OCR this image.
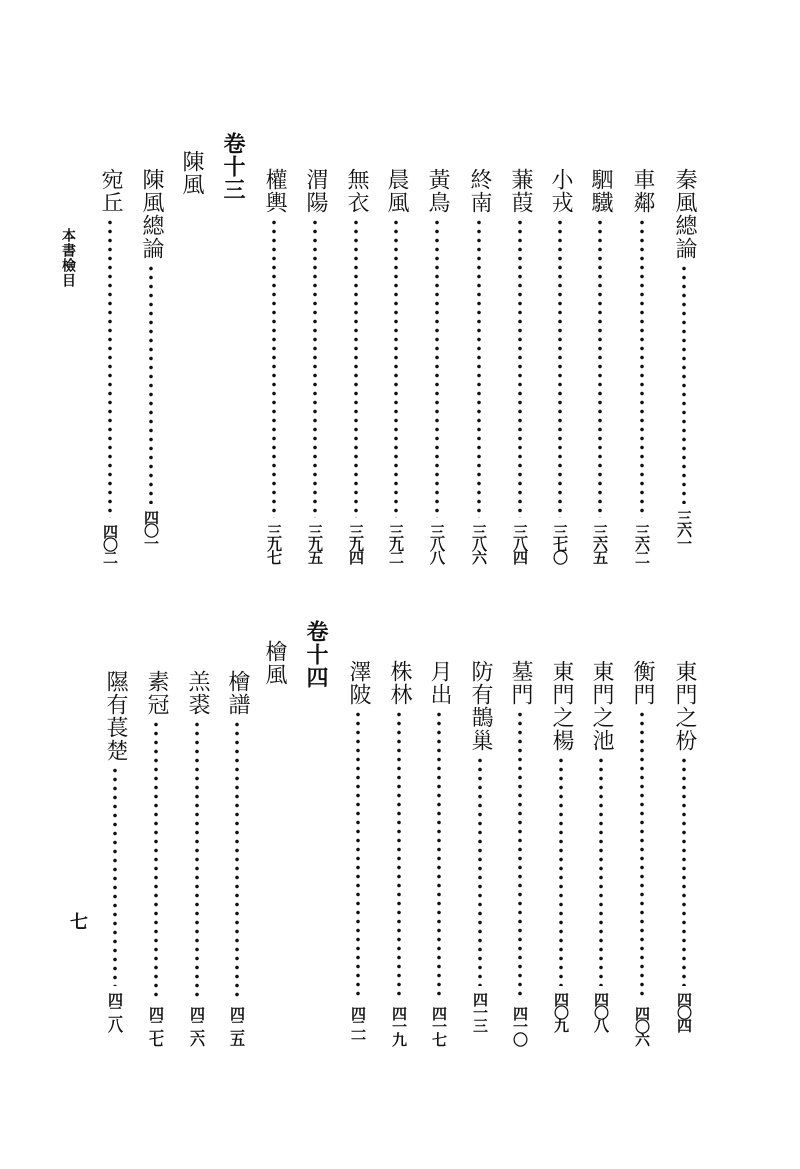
秦風總論
三六一
車鄰
三六二
駟驖
三六五
小戎
三七〇
蒹葭
三八四
終南
三八六
黃鳥
三八八
晨風
三九二
無衣
三九四
渭陽
三九五
權輿
三九七
卷十三
陳風
陳風總論
四〇一
宛丘
四〇二
東門之枌
四〇四
衡門
四〇六
東門之池
四〇八
東門之楊
四〇九
墓門
四一〇
防有鵲巢
四一三
月出
四一七
株林
四一九
澤陂
四二一
卷十四
檜風
檜譜
四二五
羔裘
四二六
素冠
四二七
隰有萇楚
四二八
本書檢目
七
